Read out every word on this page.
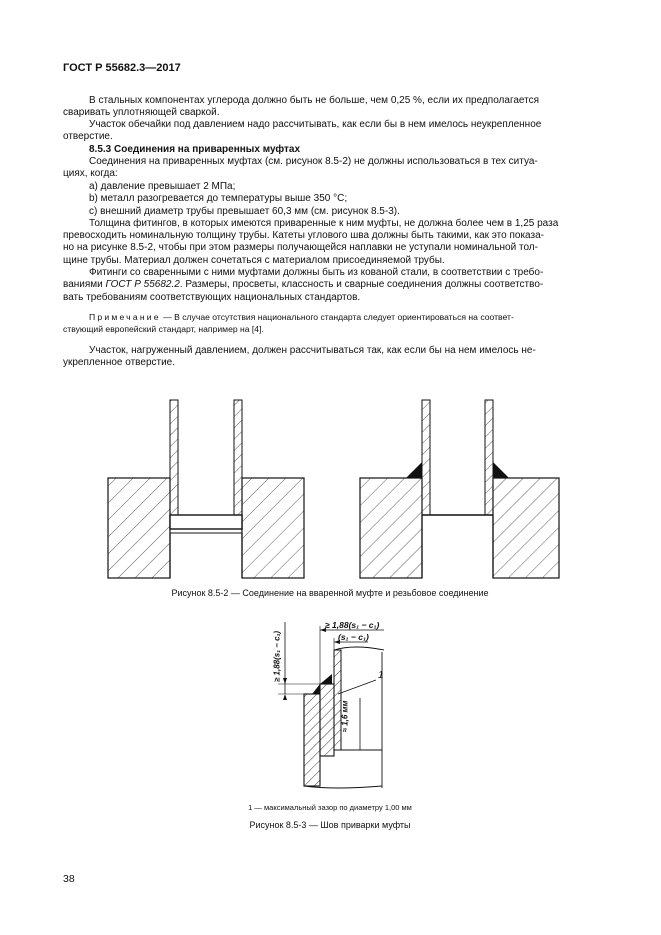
ГОСТ Р 55682.3—2017
В стальных компонентах углерода должно быть не больше, чем 0,25 %, если их предполагается
сваривать уплотняющей сваркой.
Участок обечайки под давлением надо рассчитывать, как если бы в нем имелось неукрепленное
отверстие.
8.5.3 Соединения на приваренных муфтах
Соединения на приваренных муфтах (см. рисунок 8.5-2) не должны использоваться в тех ситуа-
циях, когда:
a) давление превышает 2 МПа;
b) металл разогревается до температуры выше 350 °C;
c) внешний диаметр трубы превышает 60,3 мм (см. рисунок 8.5-3).
Толщина фитингов, в которых имеются приваренные к ним муфты, не должна более чем в 1,25 раза
превосходить номинальную толщину трубы. Катеты углового шва должны быть такими, как это показа-
но на рисунке 8.5-2, чтобы при этом размеры получающейся наплавки не уступали номинальной тол-
щине трубы. Материал должен сочетаться с материалом присоединяемой трубы.
Фитинги со сваренными с ними муфтами должны быть из кованой стали, в соответствии с требо-
ваниями ГОСТ Р 55682.2. Размеры, просветы, классность и сварные соединения должны соответство-
вать требованиям соответствующих национальных стандартов.
Примечание — В случае отсутствия национального стандарта следует ориентироваться на соответ-
ствующий европейский стандарт, например на [4].
Участок, нагруженный давлением, должен рассчитываться так, как если бы на нем имелось не-
укрепленное отверстие.
Рисунок 8.5-2 — Соединение на вваренной муфте и резьбовое соединение
≥ 1,88(s₁ − c₁)
(s₁ − c₁)
≥ 1,88(s₁ − c₁)
≈ 1,6 мм
1
1 — максимальный зазор по диаметру 1,00 мм
Рисунок 8.5-3 — Шов приварки муфты
38
